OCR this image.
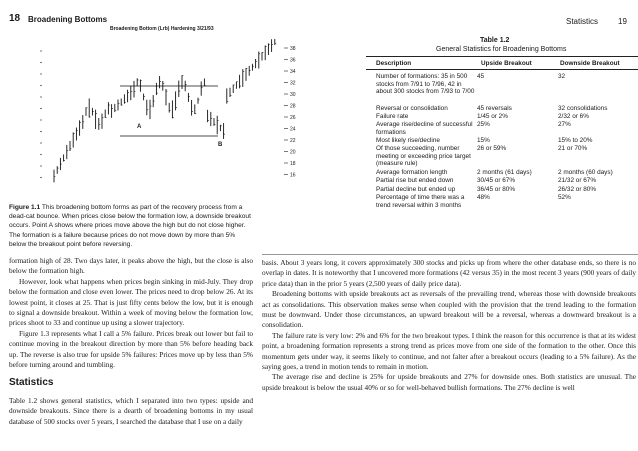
18 Broadening Bottoms
Broadening Bottom (Lrb) Hardening 3/21/93
38
36
34
32
30
28
26
24
22
20
18
16
A
B
Figure 1.1 This broadening bottom forms as part of the recovery process from a dead-cat bounce. When prices close below the formation low, a downside breakout occurs. Point A shows where prices move above the high but do not close higher. The formation is a failure because prices do not move down by more than 5% below the breakout point before reversing.

formation high of 28. Two days later, it peaks above the high, but the close is also below the formation high.

However, look what happens when prices begin sinking in mid-July. They drop below the formation and close even lower. The prices need to drop below 26. At its lowest point, it closes at 25. That is just fifty cents below the low, but it is enough to signal a downside breakout. Within a week of moving below the formation low, prices shoot to 33 and continue up using a slower trajectory.

Figure 1.3 represents what I call a 5% failure. Prices break out lower but fail to continue moving in the breakout direction by more than 5% before heading back up. The reverse is also true for upside 5% failures: Prices move up by less than 5% before turning around and tumbling.

Statistics

Table 1.2 shows general statistics, which I separated into two types: upside and downside breakouts. Since there is a dearth of broadening bottoms in my usual database of 500 stocks over 5 years, I searched the database that I use on a daily

Statistics 19
Table 1.2
General Statistics for Broadening Bottoms
Description	Upside Breakout	Downside Breakout
Number of formations: 35 in 500 stocks from 7/91 to 7/96, 42 in about 300 stocks from 7/93 to 7/00
45	32
Reversal or consolidation	45 reversals	32 consolidations
Failure rate	1/45 or 2%	2/32 or 6%
Average rise/decline of successful formations
25%	27%
Most likely rise/decline	15%	15% to 20%
Of those succeeding, number meeting or exceeding price target (measure rule)
26 or 59%	21 or 70%
Average formation length	2 months (61 days)	2 months (60 days)
Partial rise but ended down	30/45 or 67%	21/32 or 67%
Partial decline but ended up	36/45 or 80%	26/32 or 80%
Percentage of time there was a trend reversal within 3 months
48%	52%

basis. About 3 years long, it covers approximately 300 stocks and picks up from where the other database ends, so there is no overlap in dates. It is noteworthy that I uncovered more formations (42 versus 35) in the most recent 3 years (900 years of daily price data) than in the prior 5 years (2,500 years of daily price data).

Broadening bottoms with upside breakouts act as reversals of the prevailing trend, whereas those with downside breakouts act as consolidations. This observation makes sense when coupled with the provision that the trend leading to the formation must be downward. Under those circumstances, an upward breakout will be a reversal, whereas a downward breakout is a consolidation.

The failure rate is very low: 2% and 6% for the two breakout types. I think the reason for this occurrence is that at its widest point, a broadening formation represents a strong trend as prices move from one side of the formation to the other. Once this momentum gets under way, it seems likely to continue, and not falter after a breakout occurs (leading to a 5% failure). As the saying goes, a trend in motion tends to remain in motion.

The average rise and decline is 25% for upside breakouts and 27% for downside ones. Both statistics are unusual. The upside breakout is below the usual 40% or so for well-behaved bullish formations. The 27% decline is well
